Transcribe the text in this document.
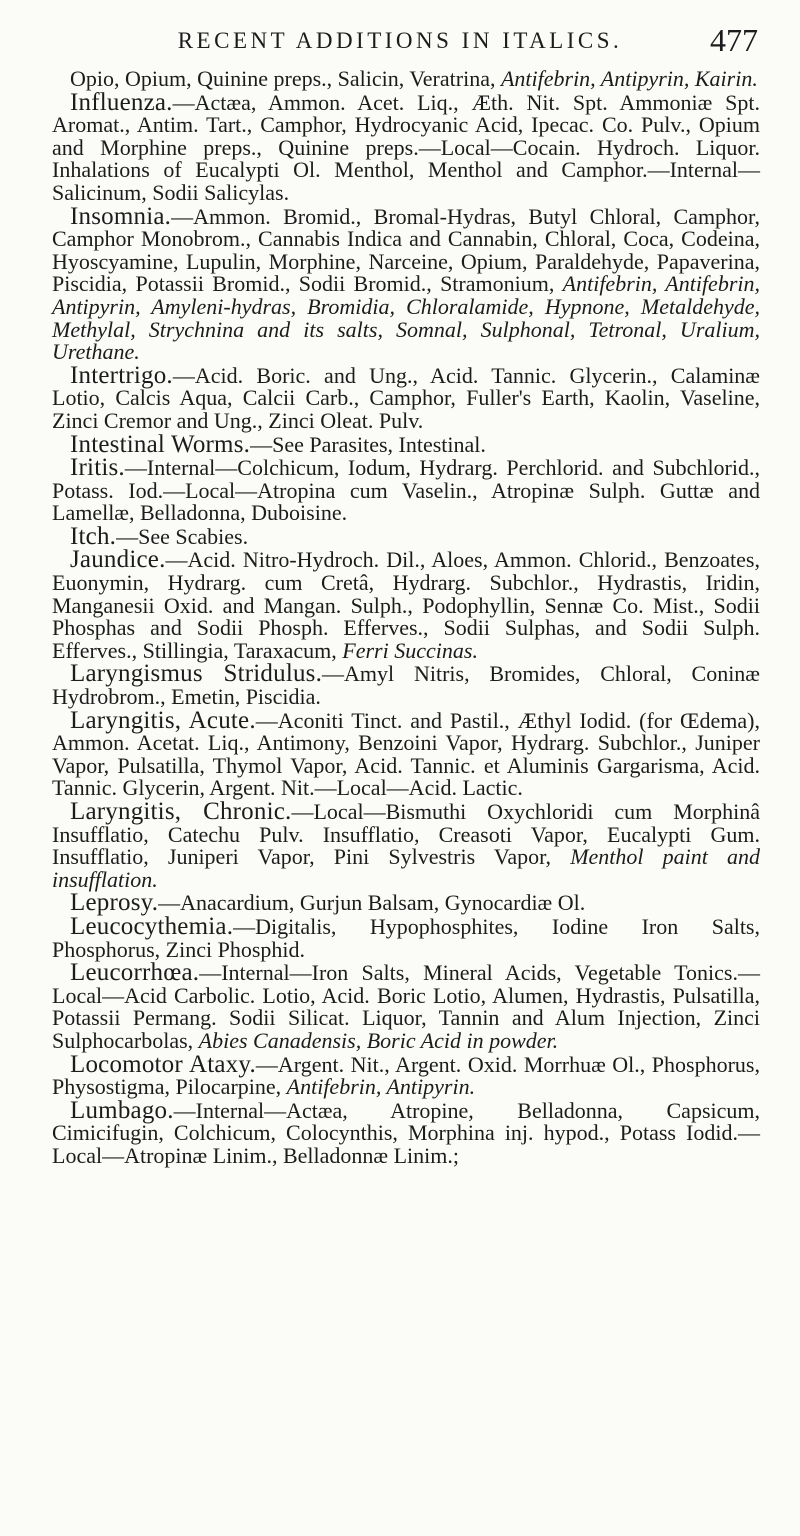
RECENT ADDITIONS IN ITALICS.	477

Opio, Opium, Quinine preps., Salicin, Veratrina, Antifebrin, Antipyrin, Kairin.

Influenza.—Actæa, Ammon. Acet. Liq., Æth. Nit. Spt. Ammoniæ Spt. Aromat., Antim. Tart., Camphor, Hydrocyanic Acid, Ipecac. Co. Pulv., Opium and Morphine preps., Quinine preps.—Local—Cocain. Hydroch. Liquor. Inhalations of Eucalypti Ol. Menthol, Menthol and Camphor.—Internal—Salicinum, Sodii Salicylas.

Insomnia.—Ammon. Bromid., Bromal-Hydras, Butyl Chloral, Camphor, Camphor Monobrom., Cannabis Indica and Cannabin, Chloral, Coca, Codeina, Hyoscyamine, Lupulin, Morphine, Narceine, Opium, Paraldehyde, Papaverina, Piscidia, Potassii Bromid., Sodii Bromid., Stramonium, Antifebrin, Antifebrin, Antipyrin, Amyleni-hydras, Bromidia, Chloralamide, Hypnone, Metaldehyde, Methylal, Strychnina and its salts, Somnal, Sulphonal, Tetronal, Uralium, Urethane.

Intertrigo.—Acid. Boric. and Ung., Acid. Tannic. Glycerin., Calaminæ Lotio, Calcis Aqua, Calcii Carb., Camphor, Fuller's Earth, Kaolin, Vaseline, Zinci Cremor and Ung., Zinci Oleat. Pulv.

Intestinal Worms.—See Parasites, Intestinal.

Iritis.—Internal—Colchicum, Iodum, Hydrarg. Perchlorid. and Subchlorid., Potass. Iod.—Local—Atropina cum Vaselin., Atropinæ Sulph. Guttæ and Lamellæ, Belladonna, Duboisine.

Itch.—See Scabies.

Jaundice.—Acid. Nitro-Hydroch. Dil., Aloes, Ammon. Chlorid., Benzoates, Euonymin, Hydrarg. cum Cretâ, Hydrarg. Subchlor., Hydrastis, Iridin, Manganesii Oxid. and Mangan. Sulph., Podophyllin, Sennæ Co. Mist., Sodii Phosphas and Sodii Phosph. Efferves., Sodii Sulphas, and Sodii Sulph. Efferves., Stillingia, Taraxacum, Ferri Succinas.

Laryngismus Stridulus.—Amyl Nitris, Bromides, Chloral, Coninæ Hydrobrom., Emetin, Piscidia.

Laryngitis, Acute.—Aconiti Tinct. and Pastil., Æthyl Iodid. (for Œdema), Ammon. Acetat. Liq., Antimony, Benzoini Vapor, Hydrarg. Subchlor., Juniper Vapor, Pulsatilla, Thymol Vapor, Acid. Tannic. et Aluminis Gargarisma, Acid. Tannic. Glycerin, Argent. Nit.—Local—Acid. Lactic.

Laryngitis, Chronic.—Local—Bismuthi Oxychloridi cum Morphinâ Insufflatio, Catechu Pulv. Insufflatio, Creasoti Vapor, Eucalypti Gum. Insufflatio, Juniperi Vapor, Pini Sylvestris Vapor, Menthol paint and insufflation.

Leprosy.—Anacardium, Gurjun Balsam, Gynocardiæ Ol.

Leucocythemia.—Digitalis, Hypophosphites, Iodine Iron Salts, Phosphorus, Zinci Phosphid.

Leucorrhœa.—Internal—Iron Salts, Mineral Acids, Vegetable Tonics.—Local—Acid Carbolic. Lotio, Acid. Boric Lotio, Alumen, Hydrastis, Pulsatilla, Potassii Permang. Sodii Silicat. Liquor, Tannin and Alum Injection, Zinci Sulphocarbolas, Abies Canadensis, Boric Acid in powder.

Locomotor Ataxy.—Argent. Nit., Argent. Oxid. Morrhuæ Ol., Phosphorus, Physostigma, Pilocarpine, Antifebrin, Antipyrin.

Lumbago.—Internal—Actæa, Atropine, Belladonna, Capsicum, Cimicifugin, Colchicum, Colocynthis, Morphina inj. hypod., Potass Iodid.—Local—Atropinæ Linim., Belladonnæ Linim.;
